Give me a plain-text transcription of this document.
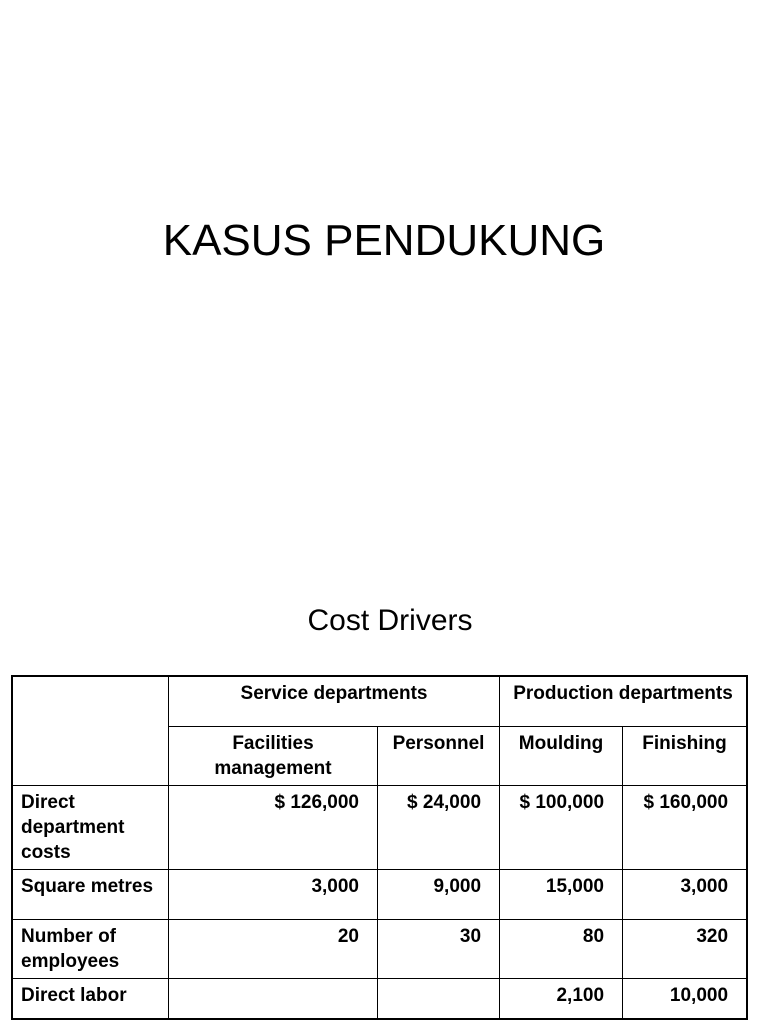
KASUS PENDUKUNG
Cost Drivers
	Service departments		Production departments	
	Facilities management	Personnel	Moulding	Finishing
Direct department costs	$ 126,000	$ 24,000	$ 100,000	$ 160,000
Square metres	3,000	9,000	15,000	3,000
Number of employees	20	30	80	320
Direct labor			2,100	10,000
